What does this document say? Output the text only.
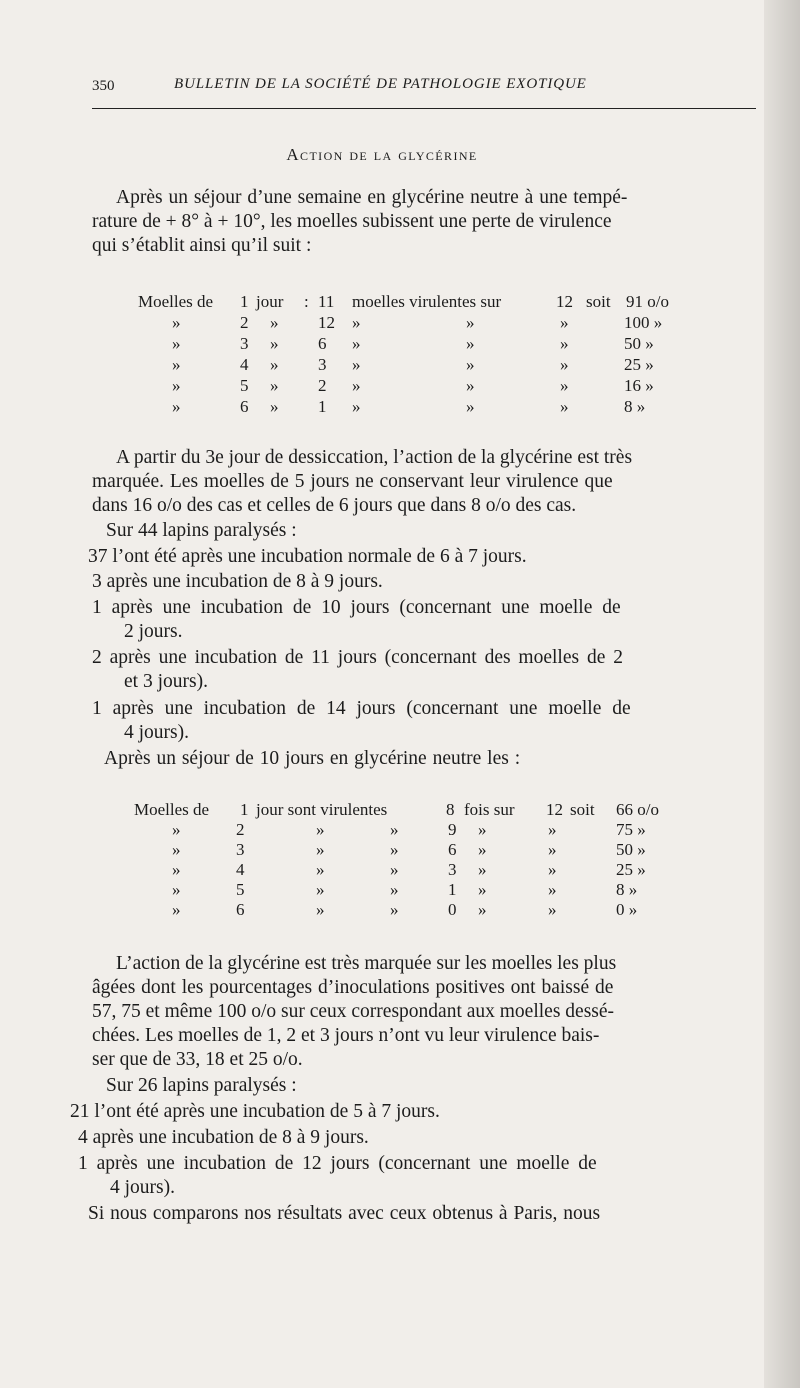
350	BULLETIN DE LA SOCIÉTÉ DE PATHOLOGIE EXOTIQUE
Action de la glycérine
Après un séjour d’une semaine en glycérine neutre à une tempé-
rature de + 8° à + 10°, les moelles subissent une perte de virulence
qui s’établit ainsi qu’il suit :
Moelles de 1 jour : 11 moelles virulentes sur	12 soit 91 o/o
»	2 » 12 »	»	»	100 »
»	3 » 6 »	»	»	50 »
»	4 » 3 »	»	»	25 »
»	5 » 2 »	»	»	16 »
»	6 » 1 »	»	»	8 »
A partir du 3e jour de dessiccation, l’action de la glycérine est très
marquée. Les moelles de 5 jours ne conservant leur virulence que
dans 16 o/o des cas et celles de 6 jours que dans 8 o/o des cas.
Sur 44 lapins paralysés :
37 l’ont été après une incubation normale de 6 à 7 jours.
3 après une incubation de 8 à 9 jours.
1 après une incubation de 10 jours (concernant une moelle de
2 jours.
2 après une incubation de 11 jours (concernant des moelles de 2
et 3 jours).
1 après une incubation de 14 jours (concernant une moelle de
4 jours).
Après un séjour de 10 jours en glycérine neutre les :
Moelles de 1 jour sont virulentes	8 fois sur 12 soit 66 o/o
»	2	»	»	9 »	»	75 »
»	3	»	»	6 »	»	50 »
»	4	»	»	3 »	»	25 »
»	5	»	»	1 »	»	8 »
»	6	»	»	0 »	»	0 »
L’action de la glycérine est très marquée sur les moelles les plus
âgées dont les pourcentages d’inoculations positives ont baissé de
57, 75 et même 100 o/o sur ceux correspondant aux moelles dessé-
chées. Les moelles de 1, 2 et 3 jours n’ont vu leur virulence bais-
ser que de 33, 18 et 25 o/o.
Sur 26 lapins paralysés :
21 l’ont été après une incubation de 5 à 7 jours.
4 après une incubation de 8 à 9 jours.
1 après une incubation de 12 jours (concernant une moelle de
4 jours).
Si nous comparons nos résultats avec ceux obtenus à Paris, nous
